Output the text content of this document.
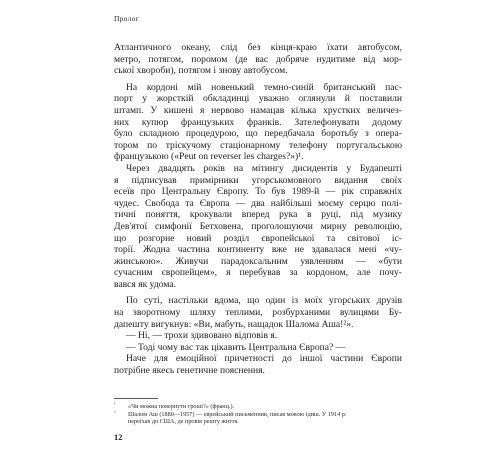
Пролог
Атлантичного океану, слід без кінця-краю їхати автобусом,
метро, потягом, поромом (де вас добряче нудитиме від мор-
ської хвороби), потягом і знову автобусом.
На кордоні мій новенький темно-синій британський пас-
порт у жорсткій обкладинці уважно оглянули й поставили
штамп. У кишені я нервово намацав кілька хрустких величез-
них купюр французьких франків. Зателефонувати додому
було складною процедурою, що передбачала боротьбу з опера-
тором по тріскучому стаціонарному телефону португальською
французькою («Peut on reverser les charges?»)¹.
Через двадцять років на мітингу дисидентів у Будапешті
я підписував примірники угорськомовного видання своїх
есеїв про Центральну Європу. То був 1989-й — рік справжніх
чудес. Свобода та Європа — два найбільші моєму серцю полі-
тичні поняття, крокували вперед рука в руці, під музику
Дев'ятої симфонії Бетховена, проголошуючи мирну революцію,
що розгорне новий розділ європейської та світової іс-
торії. Жодна частина континенту вже не здавалася мені «чу-
жинською». Живучи парадоксальним уявленням — «бути
сучасним європейцем», я перебував за кордоном, але почу-
вався як удома.
По суті, настільки вдома, що один із моїх угорських друзів
на зворотному шляху теплими, розбурханими вулицями Бу-
дапешту вигукнув: «Ви, мабуть, нащадок Шалома Аша!²».
— Ні, — трохи здивовано відповів я.
— Тоді чому вас так цікавить Центральна Європа? —
Наче для емоційної причетності до іншої частини Європи
потрібне якесь генетичне пояснення.
¹ «Чи можна повернути гроші?» (франц.).
² Шалом Аш (1880—1957) — єврейський письменник, писав мовою ідиш. У 1914 р.
переїхав до США, де провів решту життя.
12
